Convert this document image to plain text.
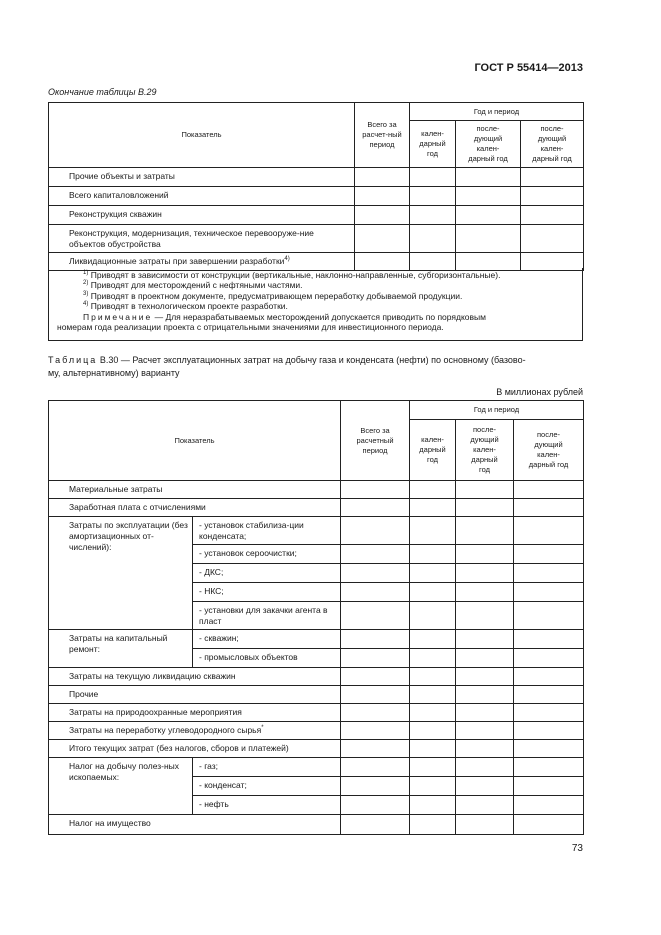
ГОСТ Р 55414—2013
Окончание таблицы В.29
Показатель	Всего за расчет-ный период	Год и период		
		кален-дарный год	после-дующий кален-дарный год	после-дующий кален-дарный год
Прочие объекты и затраты				
Всего капиталовложений				
Реконструкция скважин				
Реконструкция, модернизация, техническое перевооруже-ние объектов обустройства				
Ликвидационные затраты при завершении разработки$^{4)}$				
$^{1)}$ Приводят в зависимости от конструкции (вертикальные, наклонно-направленные, субгоризонтальные).
$^{2)}$ Приводят для месторождений с нефтяными частями.
$^{3)}$ Приводят в проектном документе, предусматривающем переработку добываемой продукции.
$^{4)}$ Приводят в технологическом проекте разработки.
Примечание — Для неразрабатываемых месторождений допускается приводить по порядковым
номерам года реализации проекта с отрицательными значениями для инвестиционного периода.
Таблица В.30 — Расчет эксплуатационных затрат на добычу газа и конденсата (нефти) по основному (базово-
му, альтернативному) варианту
В миллионах рублей
Показатель		Всего за расчетный период	Год и период		
			кален-дарный год	после-дующий кален-дарный год	после-дующий кален-дарный год
Материальные затраты					
Заработная плата с отчислениями					
Затраты по эксплуатации (без амортизационных от-числений):	- установок стабилиза-ции конденсата;				
	- установок сероочистки;				
	- ДКС;				
	- НКС;				
	- установки для закачки агента в пласт				
Затраты на капитальный ремонт:	- скважин;				
	- промысловых объектов				
Затраты на текущую ликвидацию скважин					
Прочие					
Затраты на природоохранные мероприятия					
Затраты на переработку углеводородного сырья*				
Итого текущих затрат (без налогов, сборов и платежей)					
Налог на добычу полез-ных ископаемых:	- газ;				
	- конденсат;				
	- нефть				
Налог на имущество					
73
